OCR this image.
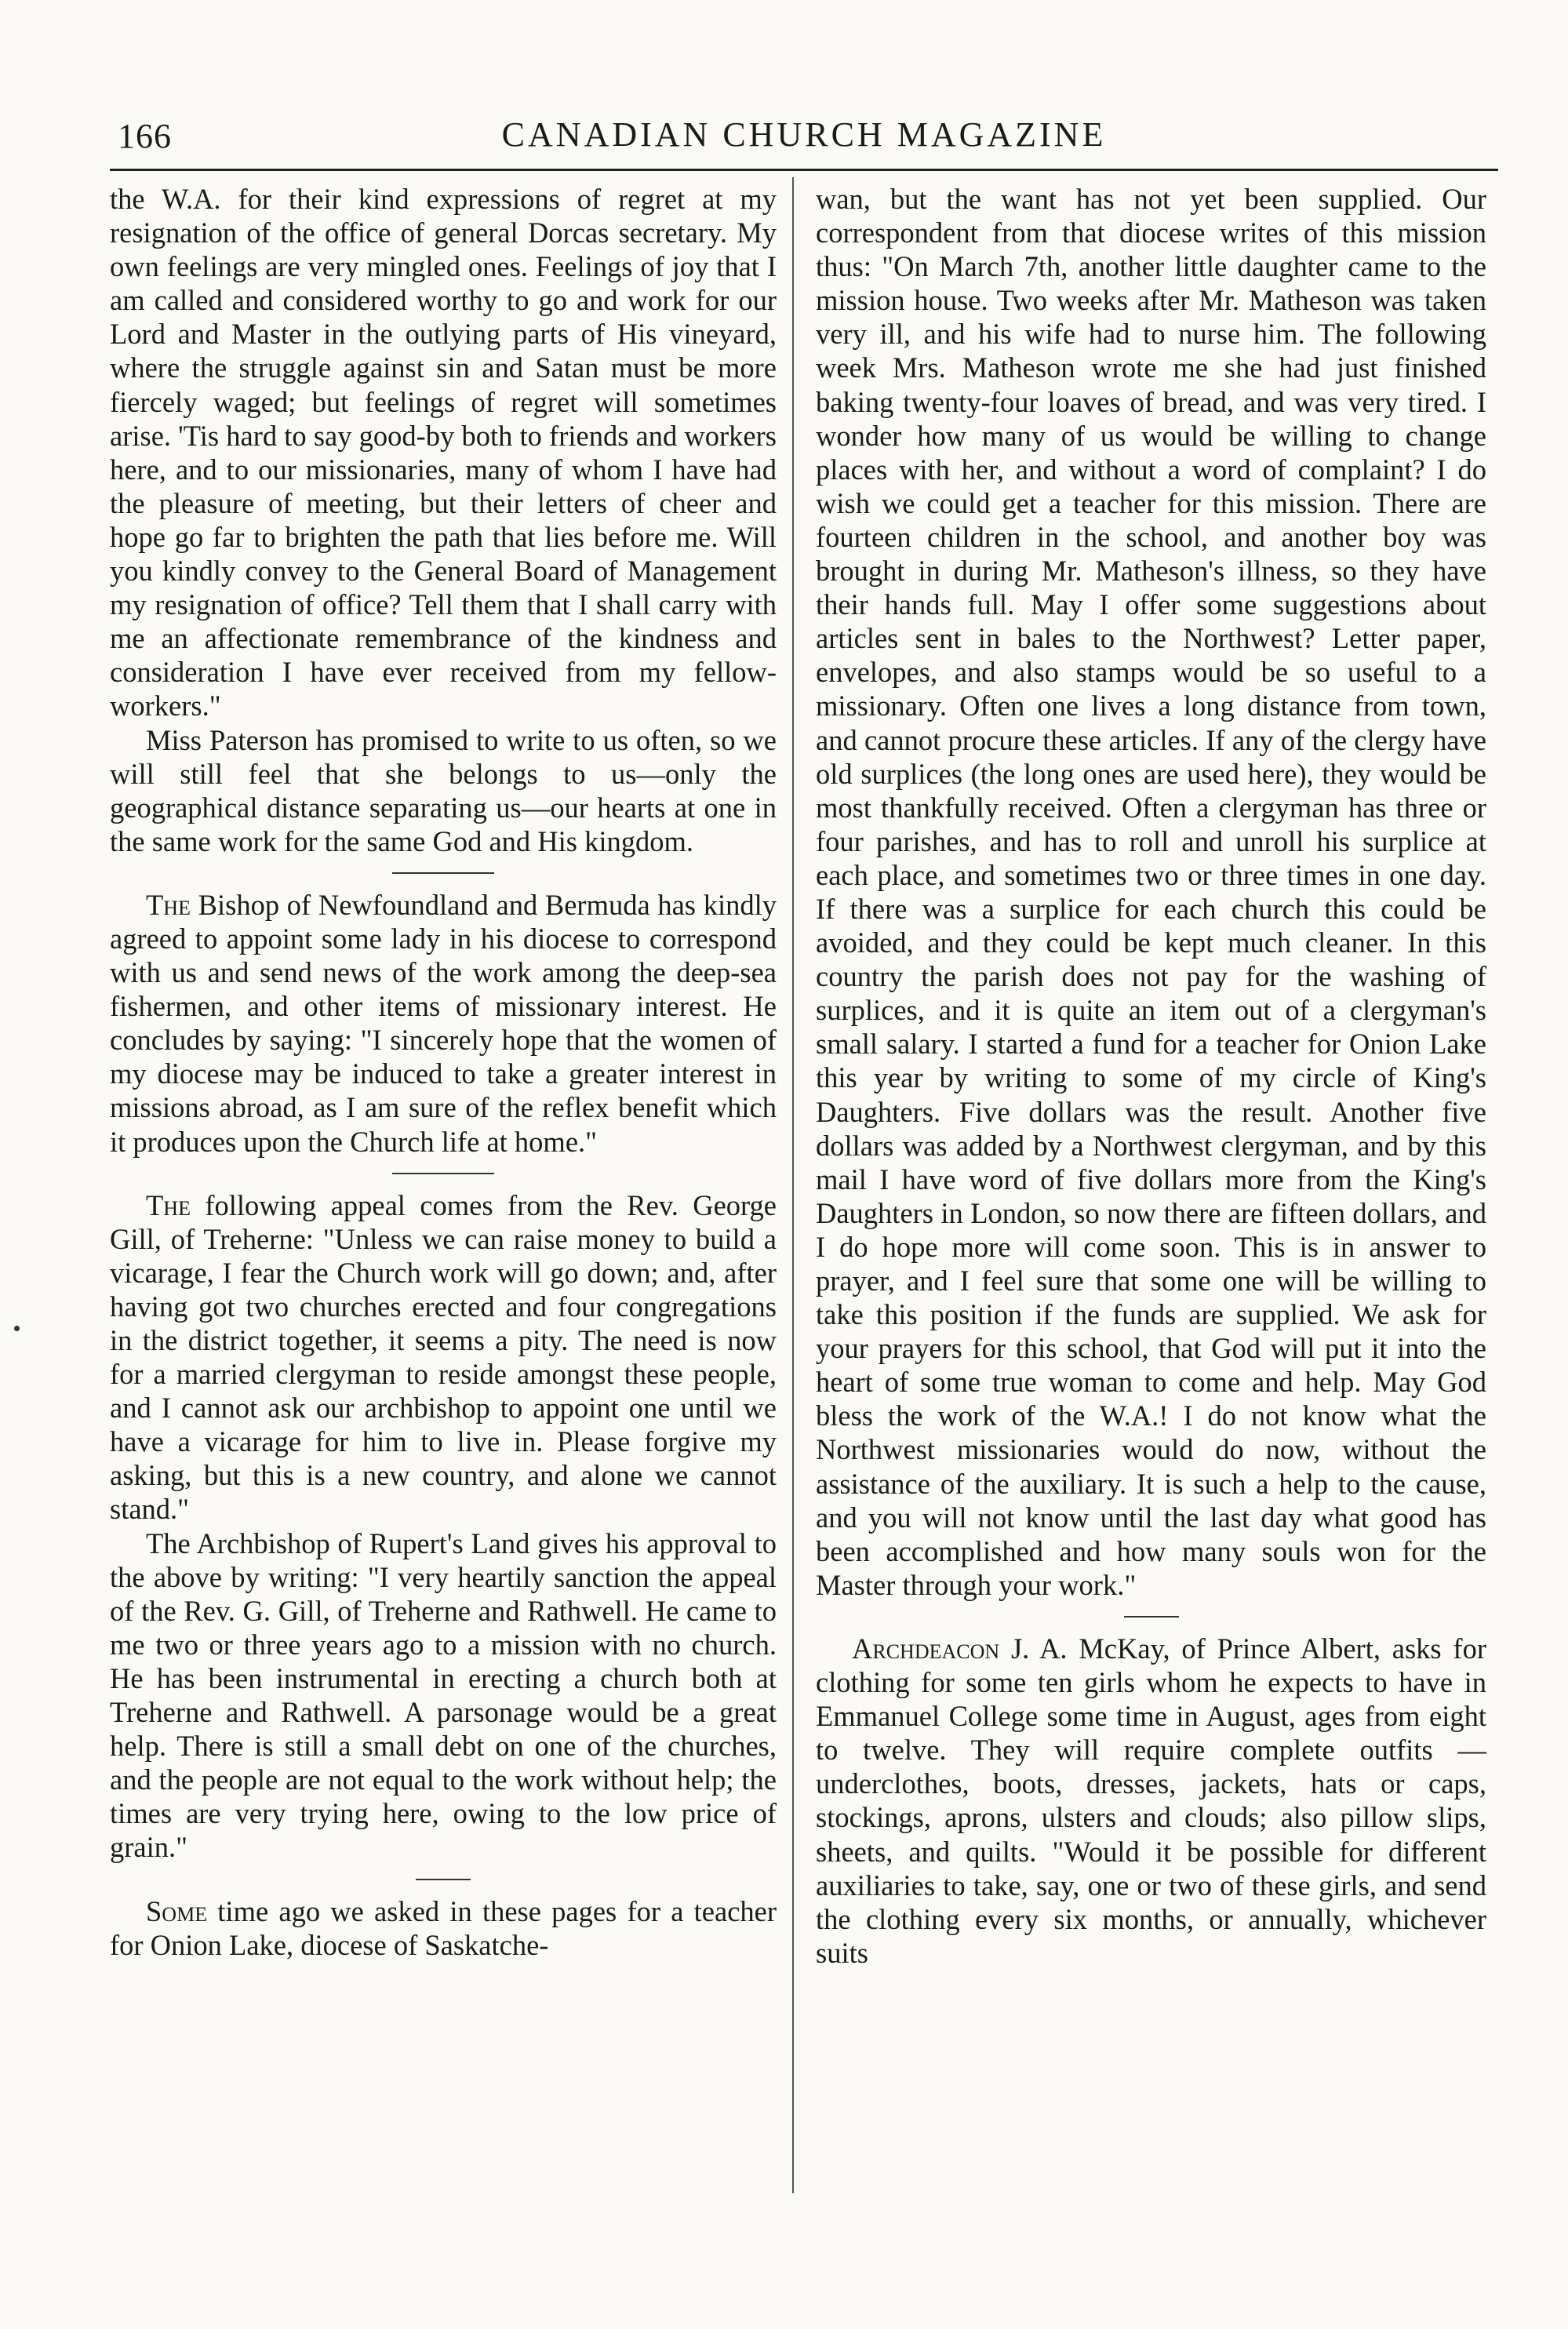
166	CANADIAN CHURCH MAGAZINE

the W.A. for their kind expressions of regret at my resignation of the office of general Dorcas secretary. My own feelings are very mingled ones. Feelings of joy that I am called and considered worthy to go and work for our Lord and Master in the outlying parts of His vineyard, where the struggle against sin and Satan must be more fiercely waged; but feelings of regret will sometimes arise. 'Tis hard to say good-by both to friends and workers here, and to our missionaries, many of whom I have had the pleasure of meeting, but their letters of cheer and hope go far to brighten the path that lies before me. Will you kindly convey to the General Board of Management my resignation of office? Tell them that I shall carry with me an affectionate remembrance of the kindness and consideration I have ever received from my fellow-workers."

Miss Paterson has promised to write to us often, so we will still feel that she belongs to us—only the geographical distance separating us—our hearts at one in the same work for the same God and His kingdom.

The Bishop of Newfoundland and Bermuda has kindly agreed to appoint some lady in his diocese to correspond with us and send news of the work among the deep-sea fishermen, and other items of missionary interest. He concludes by saying: "I sincerely hope that the women of my diocese may be induced to take a greater interest in missions abroad, as I am sure of the reflex benefit which it produces upon the Church life at home."

The following appeal comes from the Rev. George Gill, of Treherne: "Unless we can raise money to build a vicarage, I fear the Church work will go down; and, after having got two churches erected and four congregations in the district together, it seems a pity. The need is now for a married clergyman to reside amongst these people, and I cannot ask our archbishop to appoint one until we have a vicarage for him to live in. Please forgive my asking, but this is a new country, and alone we cannot stand."

The Archbishop of Rupert's Land gives his approval to the above by writing: "I very heartily sanction the appeal of the Rev. G. Gill, of Treherne and Rathwell. He came to me two or three years ago to a mission with no church. He has been instrumental in erecting a church both at Treherne and Rathwell. A parsonage would be a great help. There is still a small debt on one of the churches, and the people are not equal to the work without help; the times are very trying here, owing to the low price of grain."

Some time ago we asked in these pages for a teacher for Onion Lake, diocese of Saskatche-

wan, but the want has not yet been supplied. Our correspondent from that diocese writes of this mission thus: "On March 7th, another little daughter came to the mission house. Two weeks after Mr. Matheson was taken very ill, and his wife had to nurse him. The following week Mrs. Matheson wrote me she had just finished baking twenty-four loaves of bread, and was very tired. I wonder how many of us would be willing to change places with her, and without a word of complaint? I do wish we could get a teacher for this mission. There are fourteen children in the school, and another boy was brought in during Mr. Matheson's illness, so they have their hands full. May I offer some suggestions about articles sent in bales to the Northwest? Letter paper, envelopes, and also stamps would be so useful to a missionary. Often one lives a long distance from town, and cannot procure these articles. If any of the clergy have old surplices (the long ones are used here), they would be most thankfully received. Often a clergyman has three or four parishes, and has to roll and unroll his surplice at each place, and sometimes two or three times in one day. If there was a surplice for each church this could be avoided, and they could be kept much cleaner. In this country the parish does not pay for the washing of surplices, and it is quite an item out of a clergyman's small salary. I started a fund for a teacher for Onion Lake this year by writing to some of my circle of King's Daughters. Five dollars was the result. Another five dollars was added by a Northwest clergyman, and by this mail I have word of five dollars more from the King's Daughters in London, so now there are fifteen dollars, and I do hope more will come soon. This is in answer to prayer, and I feel sure that some one will be willing to take this position if the funds are supplied. We ask for your prayers for this school, that God will put it into the heart of some true woman to come and help. May God bless the work of the W.A.! I do not know what the Northwest missionaries would do now, without the assistance of the auxiliary. It is such a help to the cause, and you will not know until the last day what good has been accomplished and how many souls won for the Master through your work."

Archdeacon J. A. McKay, of Prince Albert, asks for clothing for some ten girls whom he expects to have in Emmanuel College some time in August, ages from eight to twelve. They will require complete outfits — underclothes, boots, dresses, jackets, hats or caps, stockings, aprons, ulsters and clouds; also pillow slips, sheets, and quilts. "Would it be possible for different auxiliaries to take, say, one or two of these girls, and send the clothing every six months, or annually, whichever suits
